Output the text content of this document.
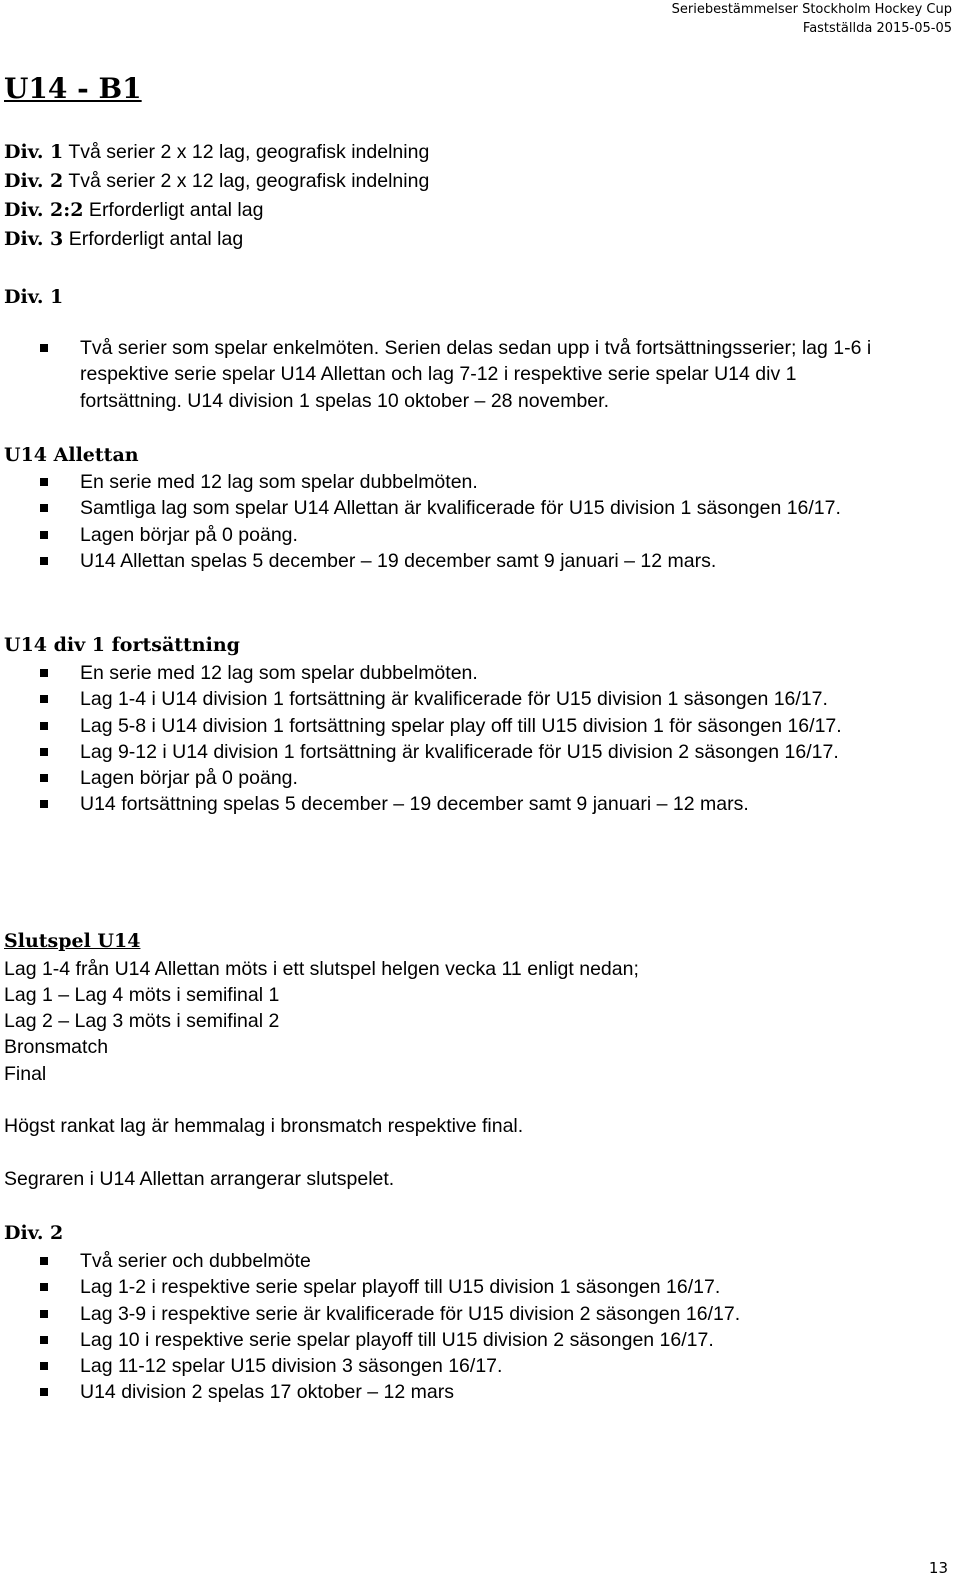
Seriebestämmelser Stockholm Hockey Cup
Fastställda 2015-05-05
U14 - B1
Div. 1 Två serier 2 x 12 lag, geografisk indelning
Div. 2 Två serier 2 x 12 lag, geografisk indelning
Div. 2:2 Erforderligt antal lag
Div. 3 Erforderligt antal lag
Div. 1
Två serier som spelar enkelmöten. Serien delas sedan upp i två fortsättningsserier; lag 1-6 i respektive serie spelar U14 Allettan och lag 7-12 i respektive serie spelar U14 div 1 fortsättning. U14 division 1 spelas 10 oktober – 28 november.
U14 Allettan
En serie med 12 lag som spelar dubbelmöten.
Samtliga lag som spelar U14 Allettan är kvalificerade för U15 division 1 säsongen 16/17.
Lagen börjar på 0 poäng.
U14 Allettan spelas 5 december – 19 december samt 9 januari – 12 mars.
U14 div 1 fortsättning
En serie med 12 lag som spelar dubbelmöten.
Lag 1-4 i U14 division 1 fortsättning är kvalificerade för U15 division 1 säsongen 16/17.
Lag 5-8 i U14 division 1 fortsättning spelar play off till U15 division 1 för säsongen 16/17.
Lag 9-12 i U14 division 1 fortsättning är kvalificerade för U15 division 2 säsongen 16/17.
Lagen börjar på 0 poäng.
U14 fortsättning spelas 5 december – 19 december samt 9 januari – 12 mars.
Slutspel U14
Lag 1-4 från U14 Allettan möts i ett slutspel helgen vecka 11 enligt nedan;
Lag 1 – Lag 4 möts i semifinal 1
Lag 2 – Lag 3 möts i semifinal 2
Bronsmatch
Final
Högst rankat lag är hemmalag i bronsmatch respektive final.
Segraren i U14 Allettan arrangerar slutspelet.
Div. 2
Två serier och dubbelmöte
Lag 1-2 i respektive serie spelar playoff till U15 division 1 säsongen 16/17.
Lag 3-9 i respektive serie är kvalificerade för U15 division 2 säsongen 16/17.
Lag 10 i respektive serie spelar playoff till U15 division 2 säsongen 16/17.
Lag 11-12 spelar U15 division 3 säsongen 16/17.
U14 division 2 spelas 17 oktober – 12 mars
13
